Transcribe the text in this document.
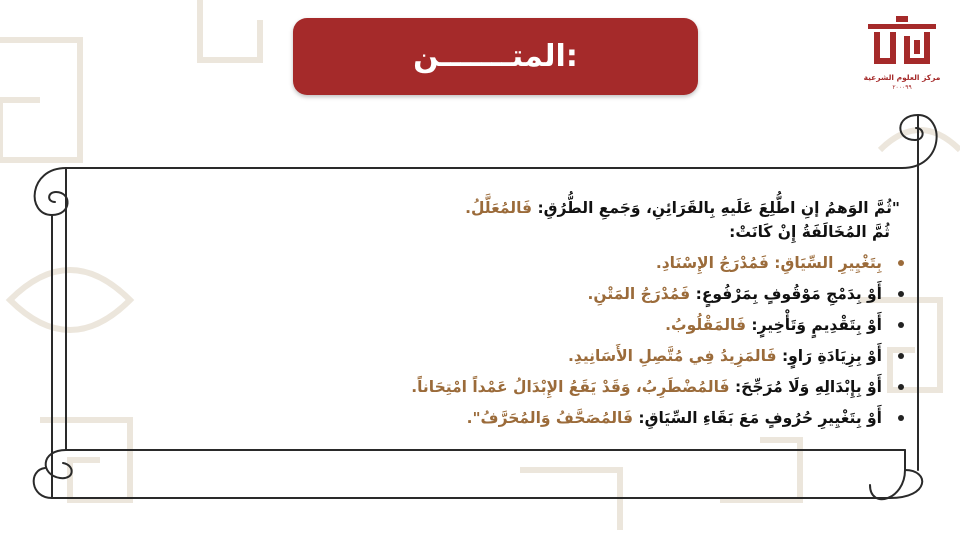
المتـــــــن:
مركز العلوم الشرعية
٢٠٠٠٩٩
"ثُمَّ الوَهمُ إنِ اطُّلِعَ عَلَيهِ بِالقَرَائِنِ، وَجَمعِ الطُّرُقِ: فَالمُعَلَّلُ.
ثُمَّ المُخَالَفَةُ إِنْ كَانَتْ:
بِتَغْيِيرِ السِّيَاقِ: فَمُدْرَجُ الإِسْنَادِ.
أَوْ بِدَمْجِ مَوْقُوفٍ بِمَرْفُوعٍ: فَمُدْرَجُ المَتْنِ.
أَوْ بِتَقْدِيمٍ وَتَأْخِيرٍ: فَالمَقْلُوبُ.
أَوْ بِزِيَادَةِ رَاوٍ: فَالمَزِيدُ فِي مُتَّصِلِ الأَسَانِيدِ.
أَوْ بِإِبْدَالِهِ وَلَا مُرَجِّحَ: فَالمُضْطَرِبُ، وَقَدْ يَقَعُ الإِبْدَالُ عَمْداً امْتِحَاناً.
أَوْ بِتَغْيِيرِ حُرُوفٍ مَعَ بَقَاءِ السِّيَاقِ: فَالمُصَحَّفُ وَالمُحَرَّفُ".
